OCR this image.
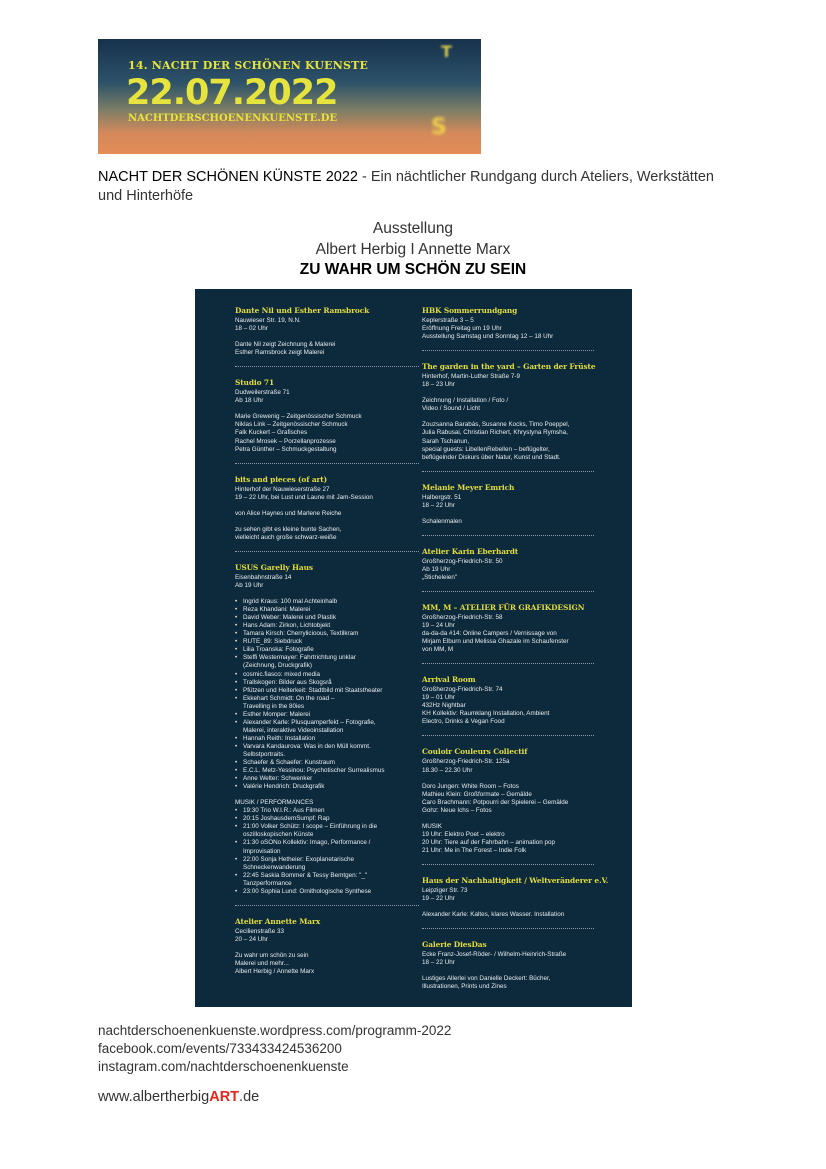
14. NACHT DER SCHÖNEN KUENSTE
22.07.2022
NACHTDERSCHOENENKUENSTE.DE
T
S
NACHT DER SCHÖNEN KÜNSTE 2022 - Ein nächtlicher Rundgang durch Ateliers, Werkstätten und Hinterhöfe
Ausstellung
Albert Herbig I Annette Marx
ZU WAHR UM SCHÖN ZU SEIN
Dante Nil und Esther Ramsbrock
Nauwieser Str. 19, N.N.
18 – 02 Uhr
Dante Nil zeigt Zeichnung & Malerei
Esther Ramsbrock zeigt Malerei
Studio 71
Dudweilerstraße 71
Ab 18 Uhr
Marie Grewenig – Zeitgenössischer Schmuck
Niklas Link – Zeitgenössischer Schmuck
Falk Kuckert – Grafisches
Rachel Mrosek – Porzellanprozesse
Petra Günther – Schmuckgestaltung
bits and pieces (of art)
Hinterhof der Nauwieserstraße 27
19 – 22 Uhr, bei Lust und Laune mit Jam-Session
von Alice Haynes und Marlene Reiche
zu sehen gibt es kleine bunte Sachen,
vielleicht auch große schwarz-weiße
USUS Garelly Haus
Eisenbahnstraße 14
Ab 19 Uhr
• Ingrid Kraus: 100 mal Achteinhalb
• Reza Khandani: Malerei
• David Weber: Malerei und Plastik
• Hans Adam: Zirkon, Lichtobjekt
• Tamara Kirsch: Cherrylicioous, Textilkram
• RUTE_89: Siebdruck
• Lilia Troanska: Fotografie
• Steffi Westermayer: Fahrtrichtung unklar
(Zeichnung, Druckgrafik)
• cosmic.fiasco: mixed media
• Trallskogen: Bilder aus Skogsrå
• Pfützen und Heiterkeit: Stadtbild mit Staatstheater
• Ekkehart Schmidt: On the road –
Travelling in the 80ies
• Esther Momper: Malerei
• Alexander Karle: Plusquamperfekt – Fotografie,
Malerei, interaktive Videoinstallation
• Hannah Reith: Installation
• Varvara Kandaurova: Was in den Müll kommt.
Selbstportraits.
• Schaefer & Schaefer: Kunstraum
• E.C.L. Metz-Yessinou: Psychotischer Surrealismus
• Anne Welter: Schwenker
• Valérie Hendrich: Druckgrafik
MUSIK / PERFORMANCES
• 19:30 Trio W.I.R.: Aus Filmen
• 20:15 JoshausdemSumpf: Rap
• 21:00 Volker Schütz: I scope – Einführung in die
oszilloskopischen Künste
• 21:30 oSONo Kollektiv: Imago, Performance /
Improvisation
• 22:00 Sonja Hetheier: Exoplanetarische
Schneckenwanderung
• 22:45 Saskia Bommer & Tessy Bemtgen: "_"
Tanzperformance
• 23:00 Sophia Lund: Ornithologische Synthese
Atelier Annette Marx
Cecilienstraße 33
20 – 24 Uhr
Zu wahr um schön zu sein
Malerei und mehr...
Albert Herbig / Annette Marx
HBK Sommerrundgang
Keplerstraße 3 – 5
Eröffnung Freitag um 19 Uhr
Ausstellung Samstag und Sonntag 12 – 18 Uhr
The garden in the yard – Garten der Früste
Hinterhof, Martin-Luther Straße 7-9
18 – 23 Uhr
Zeichnung / Installation / Foto /
Video / Sound / Licht
Zouzsanna Barabás, Susanne Kocks, Timo Poeppel,
Julia Rabusai, Christian Richert, Khrystyna Rymsha,
Sarah Tschanun,
special guests: LibellenRebellen – beflügelter,
beflügelnder Diskurs über Natur, Kunst und Stadt.
Melanie Meyer Emrich
Halbergstr. 51
18 – 22 Uhr
Schalenmalen
Atelier Karin Eberhardt
Großherzog-Friedrich-Str. 50
Ab 19 Uhr
„Sticheleien"
MM, M – ATELIER FÜR GRAFIKDESIGN
Großherzog-Friedrich-Str. 58
19 – 24 Uhr
da-da-da #14: Online Campers / Vernissage von
Mirjam Elburn und Melissa Ghazale im Schaufenster
von MM, M
Arrival Room
Großherzog-Friedrich-Str. 74
19 – 01 Uhr
432Hz Nightbar
KH Kollektiv: Raumklang Installation, Ambient
Electro, Drinks & Vegan Food
Couloir Couleurs Collectif
Großherzog-Friedrich-Str. 125a
18.30 – 22.30 Uhr
Doro Jungen: White Room – Fotos
Mathieu Klein: Großformate – Gemälde
Caro Brachmann: Potpourri der Spielerei – Gemälde
Gohz: Neue Ichs – Fotos
MUSIK
19 Uhr: Elektro Poet – elektro
20 Uhr: Tiere auf der Fahrbahn – animation pop
21 Uhr: Me in The Forest – Indie Folk
Haus der Nachhaltigkeit / Weltveränderer e.V.
Leipziger Str. 73
19 – 22 Uhr
Alexander Karle: Kaltes, klares Wasser. Installation
Galerie DiesDas
Ecke Franz-Josef-Röder- / Wilhelm-Heinrich-Straße
18 – 22 Uhr
Lustiges Allerlei von Danielle Deckert: Bücher,
Illustrationen, Prints und Zines
nachtderschoenenkuenste.wordpress.com/programm-2022
facebook.com/events/733433424536200
instagram.com/nachtderschoenenkuenste
www.albertherbigART.de
